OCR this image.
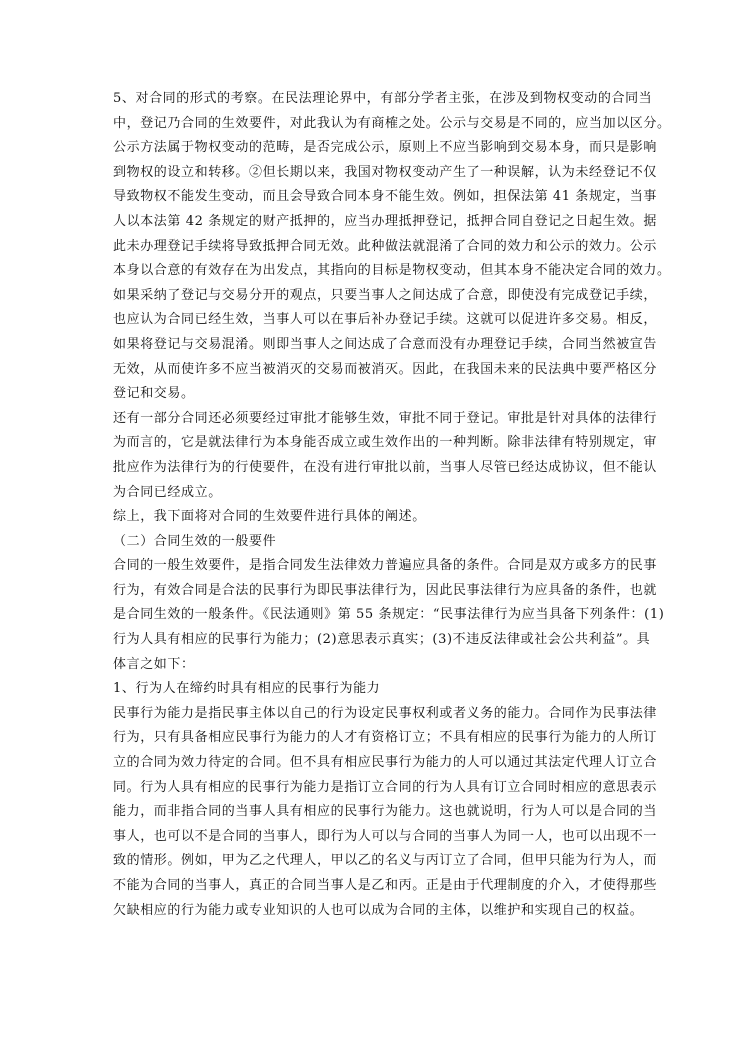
5、对合同的形式的考察。在民法理论界中，有部分学者主张，在涉及到物权变动的合同当
中，登记乃合同的生效要件，对此我认为有商榷之处。公示与交易是不同的，应当加以区分。
公示方法属于物权变动的范畴，是否完成公示，原则上不应当影响到交易本身，而只是影响
到物权的设立和转移。②但长期以来，我国对物权变动产生了一种误解，认为未经登记不仅
导致物权不能发生变动，而且会导致合同本身不能生效。例如，担保法第 41 条规定，当事
人以本法第 42 条规定的财产抵押的，应当办理抵押登记，抵押合同自登记之日起生效。据
此未办理登记手续将导致抵押合同无效。此种做法就混淆了合同的效力和公示的效力。公示
本身以合意的有效存在为出发点，其指向的目标是物权变动，但其本身不能决定合同的效力。
如果采纳了登记与交易分开的观点，只要当事人之间达成了合意，即使没有完成登记手续，
也应认为合同已经生效，当事人可以在事后补办登记手续。这就可以促进许多交易。相反，
如果将登记与交易混淆。则即当事人之间达成了合意而没有办理登记手续，合同当然被宣告
无效，从而使许多不应当被消灭的交易而被消灭。因此，在我国未来的民法典中要严格区分
登记和交易。

还有一部分合同还必须要经过审批才能够生效，审批不同于登记。审批是针对具体的法律行
为而言的，它是就法律行为本身能否成立或生效作出的一种判断。除非法律有特别规定，审
批应作为法律行为的行使要件，在没有进行审批以前，当事人尽管已经达成协议，但不能认
为合同已经成立。

综上，我下面将对合同的生效要件进行具体的阐述。

（二）合同生效的一般要件

合同的一般生效要件，是指合同发生法律效力普遍应具备的条件。合同是双方或多方的民事
行为，有效合同是合法的民事行为即民事法律行为，因此民事法律行为应具备的条件，也就
是合同生效的一般条件。《民法通则》第 55 条规定：“民事法律行为应当具备下列条件：(1)
行为人具有相应的民事行为能力；(2)意思表示真实；(3)不违反法律或社会公共利益”。具
体言之如下：

1、行为人在缔约时具有相应的民事行为能力

民事行为能力是指民事主体以自己的行为设定民事权利或者义务的能力。合同作为民事法律
行为，只有具备相应民事行为能力的人才有资格订立；不具有相应的民事行为能力的人所订
立的合同为效力待定的合同。但不具有相应民事行为能力的人可以通过其法定代理人订立合
同。行为人具有相应的民事行为能力是指订立合同的行为人具有订立合同时相应的意思表示
能力，而非指合同的当事人具有相应的民事行为能力。这也就说明，行为人可以是合同的当
事人，也可以不是合同的当事人，即行为人可以与合同的当事人为同一人，也可以出现不一
致的情形。例如，甲为乙之代理人，甲以乙的名义与丙订立了合同，但甲只能为行为人，而
不能为合同的当事人，真正的合同当事人是乙和丙。正是由于代理制度的介入，才使得那些
欠缺相应的行为能力或专业知识的人也可以成为合同的主体，以维护和实现自己的权益。
